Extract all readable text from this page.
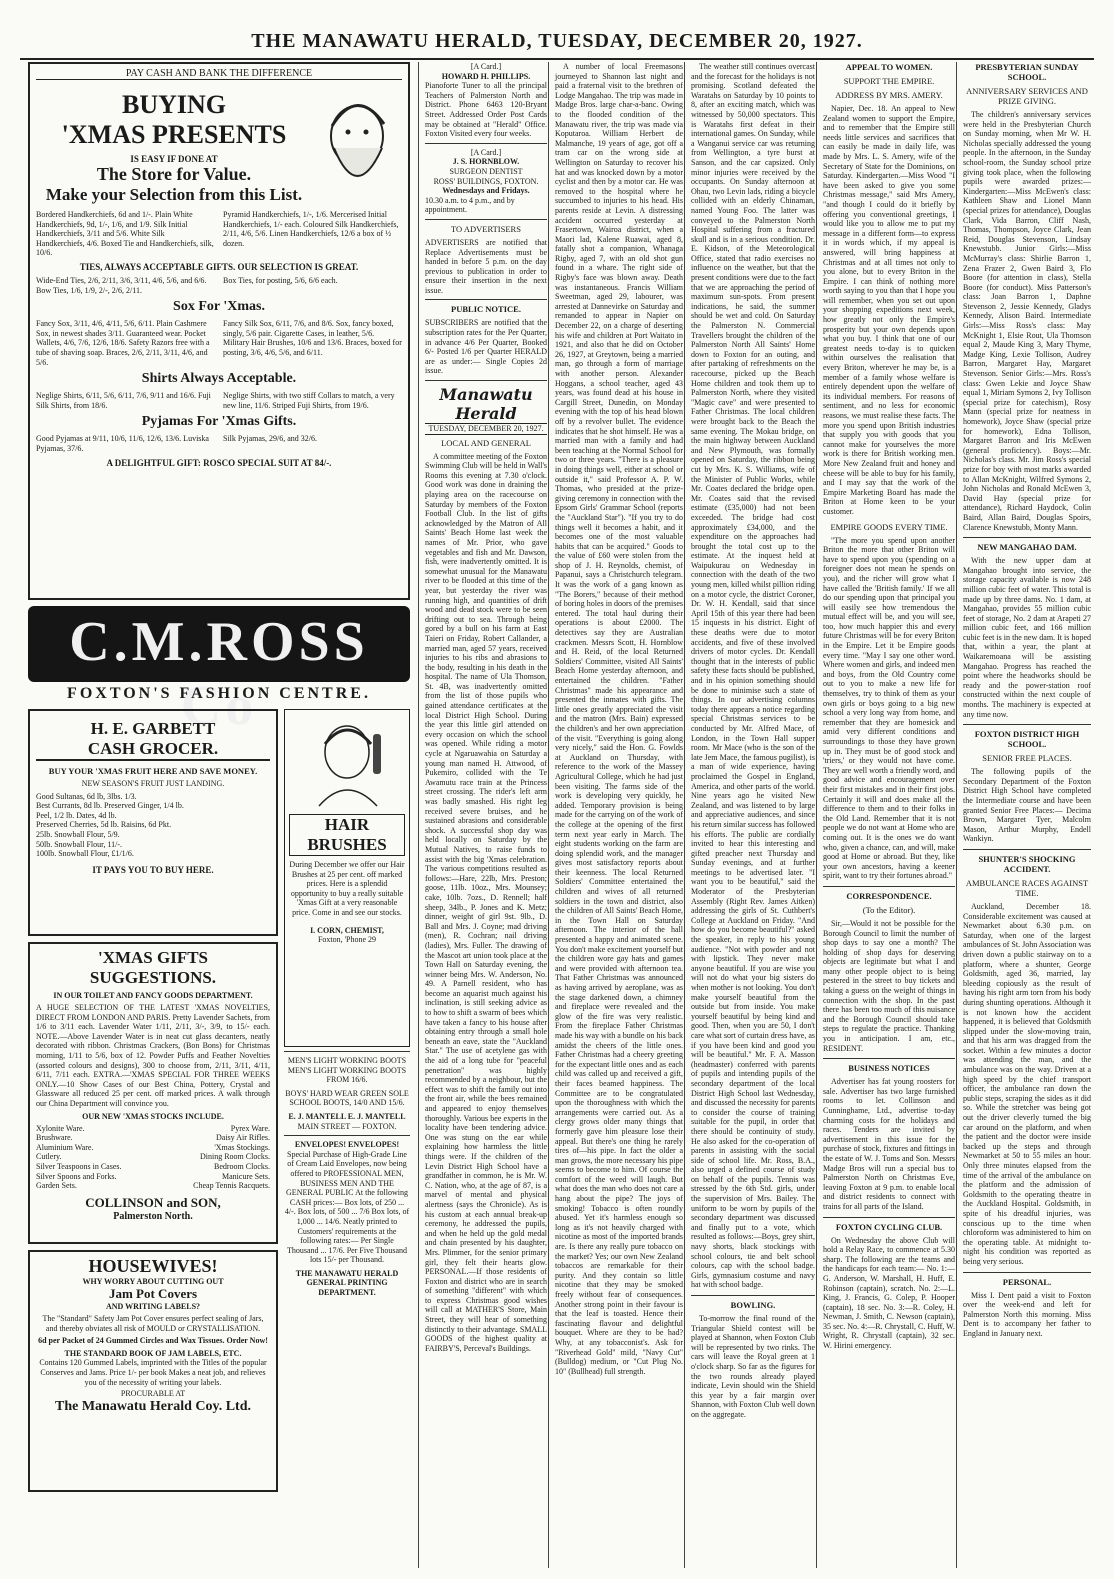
THE MANAWATU HERALD, TUESDAY, DECEMBER 20, 1927.
PAY CASH AND BANK THE DIFFERENCE
BUYING
'XMAS PRESENTS
IS EASY IF DONE AT
The Store for Value.
Make your Selection from this List.
Bordered Handkerchiefs, 6d and 1/-. Plain White Handkerchiefs, 9d, 1/-, 1/6, and 1/9. Silk Initial Handkerchiefs, 3/11 and 5/6. White Silk Handkerchiefs, 4/6. Boxed Tie and Handkerchiefs, silk, 10/6.
Pyramid Handkerchiefs, 1/-, 1/6. Mercerised Initial Handkerchiefs, 1/- each. Coloured Silk Handkerchiefs, 2/11, 4/6, 5/6. Linen Handkerchiefs, 12/6 a box of ½ dozen.
TIES, ALWAYS ACCEPTABLE GIFTS. OUR SELECTION IS GREAT.
Wide-End Ties, 2/6, 2/11, 3/6, 3/11, 4/6, 5/6, and 6/6. Bow Ties, 1/6, 1/9, 2/-, 2/6, 2/11.
Box Ties, for posting, 5/6, 6/6 each.
Sox For 'Xmas.
Fancy Sox, 3/11, 4/6, 4/11, 5/6, 6/11. Plain Cashmere Sox, in newest shades 3/11. Guaranteed wear. Pocket Wallets, 4/6, 7/6, 12/6, 18/6. Safety Razors free with a tube of shaving soap. Braces, 2/6, 2/11, 3/11, 4/6, and 5/6.
Fancy Silk Sox, 6/11, 7/6, and 8/6. Sox, fancy boxed, singly, 5/6 pair. Cigarette Cases, in leather, 5/6. Military Hair Brushes, 10/6 and 13/6. Braces, boxed for posting, 3/6, 4/6, 5/6, and 6/11.
Shirts Always Acceptable.
Neglige Shirts, 6/11, 5/6, 6/11, 7/6, 9/11 and 16/6. Fuji Silk Shirts, from 18/6.
Neglige Shirts, with two stiff Collars to match, a very new line, 11/6. Striped Fuji Shirts, from 19/6.
Pyjamas For 'Xmas Gifts.
Good Pyjamas at 9/11, 10/6, 11/6, 12/6, 13/6. Luviska Pyjamas, 37/6.
Silk Pyjamas, 29/6, and 32/6.
A DELIGHTFUL GIFT: ROSCO SPECIAL SUIT AT 84/-.
C.M.ROSS Co
FOXTON'S FASHION CENTRE.
H. E. GARBETT
CASH GROCER.
BUY YOUR 'XMAS FRUIT HERE AND SAVE MONEY.
NEW SEASON'S FRUIT JUST LANDING.
Good Sultanas, 6d lb, 3lbs. 1/3.
Best Currants, 8d lb. Preserved Ginger, 1/4 lb.
Peel, 1/2 lb. Dates, 4d lb.
Preserved Cherries, 5d lb. Raisins, 6d Pkt.
25lb. Snowball Flour, 5/9.
50lb. Snowball Flour, 11/-.
100lb. Snowball Flour, £1/1/6.
IT PAYS YOU TO BUY HERE.
'XMAS GIFTS
SUGGESTIONS.
IN OUR TOILET AND FANCY GOODS DEPARTMENT.
A HUGE SELECTION OF THE LATEST 'XMAS NOVELTIES, DIRECT FROM LONDON AND PARIS. Pretty Lavender Sachets, from 1/6 to 3/11 each. Lavender Water 1/11, 2/11, 3/-, 3/9, to 15/- each. NOTE.—Above Lavender Water is in neat cut glass decanters, neatly decorated with ribbon. Christmas Crackers, (Bon Bons) for Christmas morning, 1/11 to 5/6, box of 12. Powder Puffs and Feather Novelties (assorted colours and designs), 300 to choose from, 2/11, 3/11, 4/11, 6/11, 7/11 each. EXTRA.—'XMAS SPECIAL FOR THREE WEEKS ONLY.—10 Show Cases of our Best China, Pottery, Crystal and Glassware all reduced 25 per cent. off marked prices. A walk through our China Department will convince you.
OUR NEW 'XMAS STOCKS INCLUDE.
Xylonite Ware.
Brushware.
Aluminium Ware.
Cutlery.
Silver Teaspoons in Cases.
Silver Spoons and Forks.
Garden Sets.
Pyrex Ware.
Daisy Air Rifles.
'Xmas Stockings.
Dining Room Clocks.
Bedroom Clocks.
Manicure Sets.
Cheap Tennis Racquets.
COLLINSON and SON,
Palmerston North.
HOUSEWIVES!
WHY WORRY ABOUT CUTTING OUT
Jam Pot Covers
AND WRITING LABELS?
The "Standard" Safety Jam Pot Cover ensures perfect sealing of Jars, and thereby obviates all risk of MOULD or CRYSTALLISATION.
6d per Packet of 24 Gummed Circles and Wax Tissues. Order Now!
THE STANDARD BOOK OF JAM LABELS, ETC.
Contains 120 Gummed Labels, imprinted with the Titles of the popular Conserves and Jams. Price 1/- per book Makes a neat job, and relieves you of the necessity of writing your labels.
PROCURABLE AT
The Manawatu Herald Coy. Ltd.
HAIR BRUSHES
During December we offer our Hair Brushes at 25 per cent. off marked prices. Here is a splendid opportunity to buy a really suitable 'Xmas Gift at a very reasonable price. Come in and see our stocks.
I. CORN, CHEMIST,
Foxton, 'Phone 29
MEN'S LIGHT WORKING BOOTS MEN'S LIGHT WORKING BOOTS FROM 16/6.
BOYS' HARD WEAR GREEN SOLE SCHOOL BOOTS, 14/0 AND 15/6.
E. J. MANTELL E. J. MANTELL
MAIN STREET — FOXTON.
ENVELOPES! ENVELOPES!
Special Purchase of High-Grade Line of Cream Laid Envelopes, now being offered to PROFESSIONAL MEN, BUSINESS MEN AND THE GENERAL PUBLIC At the following CASH prices:— Box lots, of 250 ... 4/-. Box lots, of 500 ... 7/6 Box lots, of 1,000 ... 14/6. Neatly printed to Customers' requirements at the following rates:— Per Single Thousand ... 17/6. Per Five Thousand lots 15/- per Thousand.
THE MANAWATU HERALD GENERAL PRINTING DEPARTMENT.
[A Card.]
HOWARD H. PHILLIPS.
Pianoforte Tuner to all the principal Teachers of Palmerston North and District. Phone 6463 120-Bryant Street. Addressed Order Post Cards may be obtained at "Herald" Office. Foxton Visited every four weeks.
[A Card.]
J. S. HORNBLOW.
SURGEON DENTIST
ROSS' BUILDINGS, FOXTON.
Wednesdays and Fridays.
10.30 a.m. to 4 p.m., and by appointment.
TO ADVERTISERS
ADVERTISERS are notified that Replace Advertisements must be handed in before 5 p.m. on the day previous to publication in order to ensure their insertion in the next issue.
PUBLIC NOTICE.
SUBSCRIBERS are notified that the subscription rates for the Per Quarter, in advance 4/6 Per Quarter, Booked 6/- Posted 1/6 per Quarter HERALD are as under:— Single Copies 2d issue.
Manawatu Herald
TUESDAY, DECEMBER 20, 1927.
LOCAL AND GENERAL
A committee meeting of the Foxton Swimming Club will be held in Wall's Rooms this evening at 7.30 o'clock. Good work was done in draining the playing area on the racecourse on Saturday by members of the Foxton Football Club. In the list of gifts acknowledged by the Matron of All Saints' Beach Home last week the names of Mr. Prior, who gave vegetables and fish and Mr. Dawson, fish, were inadvertently omitted. It is somewhat unusual for the Manawatu river to be flooded at this time of the year, but yesterday the river was running high, and quantities of drift wood and dead stock were to be seen drifting out to sea. Through being gored by a bull on his farm at East Taieri on Friday, Robert Callander, a married man, aged 57 years, received injuries to his ribs and abrasions to the body, resulting in his death in the hospital. The name of Ula Thomson, St. 4B, was inadvertently omitted from the list of those pupils who gained attendance certificates at the local District High School. During the year this little girl attended on every occasion on which the school was opened. While riding a motor cycle at Ngaruawahia on Saturday a young man named H. Attwood, of Pukemiro, collided with the Te Awamutu race train at the Princess street crossing. The rider's left arm was badly smashed. His right leg received severe bruises, and he sustained abrasions and considerable shock. A successful shop day was held locally on Saturday by the Mutual Natives, to raise funds to assist with the big 'Xmas celebration. The various competitions resulted as follows:—Hare, 22lb, Mrs. Preston; goose, 11lb. 10oz., Mrs. Mounsey; cake, 10lb. 7ozs., D. Rennell; half sheep, 34lb., P. Jones and K. Metz; dinner, weight of girl 9st. 9lb., D. Ball and Mrs. J. Coyne; mad driving (men), R. Cochran; nail driving (ladies), Mrs. Fuller. The drawing of the Mascot art union took place at the Town Hall on Saturday evening, the winner being Mrs. W. Anderson, No. 49. A Parnell resident, who has become an aquarist much against his inclination, is still seeking advice as to how to shift a swarm of bees which have taken a fancy to his house after obtaining entry through a small hole beneath an eave, state the "Auckland Star." The use of acetylene gas with the aid of a long tube for "peaceful penetration" was highly recommended by a neighbour, but the effect was to shift the family out into the front air, while the bees remained and appeared to enjoy themselves thoroughly. Various bee experts in the locality have been tendering advice. One was stung on the ear while explaining how harmless the little things were. If the children of the Levin District High School have a grandfather in common, he is Mr. W. C. Nation, who, at the age of 87, is a marvel of mental and physical alertness (says the Chronicle). As is his custom at each annual break-up ceremony, he addressed the pupils, and when he held up the gold medal and chain presented by his daughter, Mrs. Plimmer, for the senior primary girl, they felt their hearts glow. PERSONAL.—If those residents of Foxton and district who are in search of something "different" with which to express Christmas good wishes will call at MATHER'S Store, Main Street, they will hear of something distinctly to their advantage. SMALL GOODS of the highest quality at FAIRBY'S, Perceval's Buildings.
A number of local Freemasons journeyed to Shannon last night and paid a fraternal visit to the brethren of Lodge Mangahao. The trip was made in Madge Bros. large char-a-banc. Owing to the flooded condition of the Manawatu river, the trip was made via Koputaroa. William Herbert de Malmanche, 19 years of age, got off a tram car on the wrong side at Wellington on Saturday to recover his hat and was knocked down by a motor cyclist and then by a motor car. He was removed to the hospital where he succumbed to injuries to his head. His parents reside at Levin. A distressing accident occurred yesterday at Frasertown, Wairoa district, when a Maori lad, Kalene Ruawai, aged 8, fatally shot a companion, Whanaga Rigby, aged 7, with an old shot gun found in a whare. The right side of Rigby's face was blown away. Death was instantaneous. Francis William Sweetman, aged 29, labourer, was arrested at Dannevirke on Saturday and remanded to appear in Napier on December 22, on a charge of deserting his wife and children at Port Waitato in 1921, and also that he did on October 26, 1927, at Greytown, being a married man, go through a form of marriage with another person. Alexander Hoggans, a school teacher, aged 43 years, was found dead at his house in Cargill Street, Dunedin, on Monday evening with the top of his head blown off by a revolver bullet. The evidence indicates that he shot himself. He was a married man with a family and had been teaching at the Normal School for two or three years. "There is a pleasure in doing things well, either at school or outside it," said Professor A. P. W. Thomas, who presided at the prize-giving ceremony in connection with the Epsom Girls' Grammar School (reports the "Auckland Star"). "If you try to do things well it becomes a habit, and it becomes one of the most valuable habits that can be acquired." Goods to the value of £60 were stolen from the shop of J. H. Reynolds, chemist, of Papanui, says a Christchurch telegram. It was the work of a gang known as "The Borers," because of their method of boring holes in doors of the premises entered. The total haul during their operations is about £2000. The detectives say they are Australian crackmen. Messrs Scott, H. Hornblow and H. Reid, of the local Returned Soldiers' Committee, visited All Saints' Beach Home yesterday afternoon, and entertained the children. "Father Christmas" made his appearance and presented the inmates with gifts. The little ones greatly appreciated the visit and the matron (Mrs. Bain) expressed the children's and her own appreciation of the visit. "Everything is going along very nicely," said the Hon. G. Fowlds at Auckland on Thursday, with reference to the work of the Massey Agricultural College, which he had just been visiting. The farms side of the work is developing very quickly, he added. Temporary provision is being made for the carrying on of the work of the college at the opening of the first term next year early in March. The eight students working on the farm are doing splendid work, and the manager gives most satisfactory reports about their keenness. The local Returned Soldiers' Committee entertained the children and wives of all returned soldiers in the town and district, also the children of All Saints' Beach Home, in the Town Hall on Saturday afternoon. The interior of the hall presented a happy and animated scene. You don't make excitement yourself but the children wore gay hats and games and were provided with afternoon tea. That Father Christmas was announced as having arrived by aeroplane, was as the stage darkened down, a chimney and fireplace were revealed and the glow of the fire was very realistic. From the fireplace Father Christmas made his way with a bundle on his back amidst the cheers of the little ones. Father Christmas had a cheery greeting for the expectant little ones and as each child was called up and received a gift, their faces beamed happiness. The Committee are to be congratulated upon the thoroughness with which the arrangements were carried out. As a clergy grows older many things that formerly gave him pleasure lose their appeal. But there's one thing he rarely tires of—his pipe. In fact the older a man grows, the more necessary his pipe seems to become to him. Of course the comfort of the weed will laugh. But what does the man who does not care a hang about the pipe? The joys of smoking! Tobacco is often roundly abused. Yet it's harmless enough so long as it's not heavily charged with nicotine as most of the imported brands are. Is there any really pure tobacco on the market? Yes; our own New Zealand tobaccos are remarkable for their purity. And they contain so little nicotine that they may be smoked freely without fear of consequences. Another strong point in their favour is that the leaf is toasted. Hence their fascinating flavour and delightful bouquet. Where are they to be had? Why, at any tobacconist's. Ask for "Riverhead Gold" mild, "Navy Cut" (Bulldog) medium, or "Cut Plug No. 10" (Bullhead) full strength.
The weather still continues overcast and the forecast for the holidays is not promising. Scotland defeated the Waratahs on Saturday by 10 points to 8, after an exciting match, which was witnessed by 50,000 spectators. This is Waratahs first defeat in their international games. On Sunday, while a Wanganui service car was returning from Wellington, a tyre burst at Sanson, and the car capsized. Only minor injuries were received by the occupants. On Sunday afternoon at Ohau, two Levin lads, riding a bicycle collided with an elderly Chinaman, named Young Foo. The latter was conveyed to the Palmerston North Hospital suffering from a fractured skull and is in a serious condition. Dr. E. Kidson, of the Meteorological Office, stated that radio exercises no influence on the weather, but that the present conditions were due to the fact that we are approaching the period of maximum sun-spots. From present indications, he said, the summer should be wet and cold. On Saturday the Palmerston N. Commercial Travellers brought the children of the Palmerston North All Saints' Home down to Foxton for an outing, and after partaking of refreshments on the racecourse, picked up the Beach Home children and took them up to Palmerston North, where they visited "Magic cave" and were presented to Father Christmas. The local children were brought back to the Beach the same evening. The Mokau bridge, on the main highway between Auckland and New Plymouth, was formally opened on Saturday, the ribbon being cut by Mrs. K. S. Williams, wife of the Minister of Public Works, while Mr. Coates declared the bridge open. Mr. Coates said that the revised estimate (£35,000) had not been exceeded. The bridge had cost approximately £34,000, and the expenditure on the approaches had brought the total cost up to the estimate. At the inquest held at Waipukurau on Wednesday in connection with the death of the two young men, killed whilst pillion riding on a motor cycle, the district Coroner, Dr. W. H. Kendall, said that since April 15th of this year there had been 15 inquests in his district. Eight of these deaths were due to motor accidents, and five of these involved drivers of motor cycles. Dr. Kendall thought that in the interests of public safety these facts should be published, and in his opinion something should be done to minimise such a state of things. In our advertising columns today there appears a notice regarding special Christmas services to be conducted by Mr. Alfred Mace, of London, in the Town Hall supper room. Mr Mace (who is the son of the late Jem Mace, the famous pugilist), is a man of wide experience, having proclaimed the Gospel in England, America, and other parts of the world. Nine years ago he visited New Zealand, and was listened to by large and appreciative audiences, and since his return similar success has followed his efforts. The public are cordially invited to hear this interesting and gifted preacher next Thursday and Sunday evenings, and at further meetings to be advertised later. "I want you to be beautiful," said the Moderator of the Presbyterian Assembly (Right Rev. James Aitken) addressing the girls of St. Cuthbert's College at Auckland on Friday. "And how do you become beautiful?" asked the speaker, in reply to his young audience. "Not with powder and not with lipstick. They never make anyone beautiful. If you are wise you will not do what your big sisters do when mother is not looking. You don't make yourself beautiful from the outside but from inside. You make yourself beautiful by being kind and good. Then, when you are 50, I don't care what sort of curtain dress have, as if you have been kind and good you will be beautiful." Mr. F. A. Masson (headmaster) conferred with parents of pupils and intending pupils of the secondary department of the local District High School last Wednesday, and discussed the necessity for parents to consider the course of training suitable for the pupil, in order that there should be continuity of study. He also asked for the co-operation of parents in assisting with the social side of school life. Mr. Ross, B.A., also urged a defined course of study on behalf of the pupils. Tennis was stressed by the 6th Std. girls, under the supervision of Mrs. Bailey. The uniform to be worn by pupils of the secondary department was discussed and finally put to a vote, which resulted as follows:—Boys, grey shirt, navy shorts, black stockings with school colours, tie and belt school colours, cap with the school badge. Girls, gymnasium costume and navy hat with school badge.
BOWLING.
To-morrow the final round of the Triangular Shield contest will be played at Shannon, when Foxton Club will be represented by two rinks. The cars will leave the Royal green at 1 o'clock sharp. So far as the figures for the two rounds already played indicate, Levin should win the Shield this year by a fair margin over Shannon, with Foxton Club well down on the aggregate.
APPEAL TO WOMEN.
SUPPORT THE EMPIRE.
ADDRESS BY MRS. AMERY.
Napier, Dec. 18. An appeal to New Zealand women to support the Empire, and to remember that the Empire still needs little services and sacrifices that can easily be made in daily life, was made by Mrs. L. S. Amery, wife of the Secretary of State for the Dominions, on Saturday. Kindergarten.—Miss Wood "I have been asked to give you some Christmas message," said Mrs Amery, "and though I could do it briefly by offering you conventional greetings, I would like you to allow me to put my message in a different form—to express it in words which, if my appeal is answered, will bring happiness at Christmas and at all times not only to you alone, but to every Briton in the Empire. I can think of nothing more worth saying to you than that I hope you will remember, when you set out upon your shopping expeditions next week, how greatly not only the Empire's prosperity but your own depends upon what you buy. I think that one of our greatest needs to-day is to quicken within ourselves the realisation that every Briton, wherever he may be, is a member of a family whose welfare is entirely dependent upon the welfare of its individual members. For reasons of sentiment, and no less for economic reasons, we must realise these facts. The more you spend upon British industries that supply you with goods that you cannot make for yourselves the more work is there for British working men. More New Zealand fruit and honey and cheese will be able to buy for his family, and I may say that the work of the Empire Marketing Board has made the Briton at Home keen to be your customer.
EMPIRE GOODS EVERY TIME.
"The more you spend upon another Briton the more that other Briton will have to spend upon you (spending on a foreigner does not mean he spends on you), and the richer will grow what I have called the 'British family.' If we all do our spending upon that principal you will easily see how tremendous the mutual effect will be, and you will see, too, how much happier this and every future Christmas will be for every Briton in the Empire. Let it be Empire goods every time. "May I say one other word. Where women and girls, and indeed men and boys, from the Old Country come out to you to make a new life for themselves, try to think of them as your own girls or boys going to a big new school a very long way from home, and remember that they are homesick and amid very different conditions and surroundings to those they have grown up in. They must be of good stock and 'triers,' or they would not have come. They are well worth a friendly word, and good advice and encouragement over their first mistakes and in their first jobs. Certainly it will and does make all the difference to them and to their folks in the Old Land. Remember that it is not people we do not want at Home who are coming out. It is the ones we do want who, given a chance, can, and will, make good at Home or abroad. But they, like your own ancestors, having a keener spirit, want to try their fortunes abroad."
CORRESPONDENCE.
(To the Editor).
Sir,—Would it not be possible for the Borough Council to limit the number of shop days to say one a month? The holding of shop days for deserving objects are legitimate but what I and many other people object to is being pestered in the street to buy tickets and taking a guess on the weight of things in connection with the shop. In the past there has been too much of this nuisance and the Borough Council should take steps to regulate the practice. Thanking you in anticipation. I am, etc., RESIDENT.
BUSINESS NOTICES
Advertiser has fat young roosters for sale. Advertiser has two large furnished rooms to let. Collinson and Cunninghame, Ltd., advertise to-day charming costs for the holidays and races. Tenders are invited by advertisement in this issue for the purchase of stock, fixtures and fittings in the estate of W. J. Toms and Son. Messrs Madge Bros will run a special bus to Palmerston North on Christmas Eve, leaving Foxton at 9 p.m. to enable local and district residents to connect with trains for all parts of the Island.
FOXTON CYCLING CLUB.
On Wednesday the above Club will hold a Relay Race, to commence at 5.30 sharp. The following are the teams and the handicaps for each team:— No. 1:—G. Anderson, W. Marshall, H. Huff, E. Robinson (captain), scratch. No. 2:—L. King, J. Francis, G. Colep, P. Hooper (captain), 18 sec. No. 3:—R. Coley, H. Newman, J. Smith, C. Newson (captain), 35 sec. No. 4:—R. Chrystall, C. Huff, W. Wright, R. Chrystall (captain), 32 sec. W. Hirini emergency.
PRESBYTERIAN SUNDAY SCHOOL.
ANNIVERSARY SERVICES AND PRIZE GIVING.
The children's anniversary services were held in the Presbyterian Church on Sunday morning, when Mr W. H. Nicholas specially addressed the young people. In the afternoon, in the Sunday school-room, the Sunday school prize giving took place, when the following pupils were awarded prizes:— Kindergarten:—Miss McEwen's class: Kathleen Shaw and Lionel Mann (special prizes for attendance), Douglas Clark, Vida Barron, Cliff Nash, Thomas, Thompson, Joyce Clark, Jean Reid, Douglas Stevenson, Lindsay Knewstubb. Junior Girls:—Miss McMurray's class: Shirlie Barron 1, Zena Frazer 2, Gwen Baird 3, Flo Boore (for attention in class), Stella Boore (for conduct). Miss Patterson's class: Joan Barron 1, Daphne Stevenson 2, Jessie Kennedy, Gladys Kennedy, Alison Baird. Intermediate Girls:—Miss Ross's class: May McKnight 1, Elsie Rout, Ula Thomson equal 2, Maude King 3, Mary Thyme, Madge King, Lexie Tollison, Audrey Barron, Margaret Hay, Margaret Stevenson. Senior Girls:—Mrs. Ross's class: Gwen Lekie and Joyce Shaw equal 1, Miriam Symons 2, Ivy Tollison (special prize for catechism), Rosy Mann (special prize for neatness in homework), Joyce Shaw (special prize for homework), Edna Tollison, Margaret Barron and Iris McEwen (general proficiency). Boys:—Mr. Nicholas's class. Mr. Jim Ross's special prize for boy with most marks awarded to Allan McKnight, Wilfred Symons 2, John Nicholas and Ronald McEwen 3, David Hay (special prize for attendance), Richard Haydock, Colin Baird, Allan Baird, Douglas Spoirs, Clarence Knewstubb, Monty Mann.
NEW MANGAHAO DAM.
With the new upper dam at Mangahao brought into service, the storage capacity available is now 248 million cubic feet of water. This total is made up by three dams. No. 1 dam, at Mangahao, provides 55 million cubic feet of storage, No. 2 dam at Arapeti 27 million cubic feet, and 166 million cubic feet is in the new dam. It is hoped that, within a year, the plant at Waikaremoana will be assisting Mangahao. Progress has reached the point where the headworks should be ready and the power-station roof constructed within the next couple of months. The machinery is expected at any time now.
FOXTON DISTRICT HIGH SCHOOL.
SENIOR FREE PLACES.
The following pupils of the Secondary Department of the Foxton District High School have completed the Intermediate course and have been granted Senior Free Places:— Decima Brown, Margaret Tyer, Malcolm Mason, Arthur Murphy, Endell Wankiyn.
SHUNTER'S SHOCKING ACCIDENT.
AMBULANCE RACES AGAINST TIME.
Auckland, December 18. Considerable excitement was caused at Newmarket about 6.30 p.m. on Saturday, when one of the largest ambulances of St. John Association was driven down a public stairway on to a platform, where a shunter, George Goldsmith, aged 36, married, lay bleeding copiously as the result of having his right arm torn from his body during shunting operations. Although it is not known how the accident happened, it is believed that Goldsmith slipped under the slow-moving train, and that his arm was dragged from the socket. Within a few minutes a doctor was attending the man, and the ambulance was on the way. Driven at a high speed by the chief transport officer, the ambulance ran down the public steps, scraping the sides as it did so. While the stretcher was being got out the driver cleverly turned the big car around on the platform, and when the patient and the doctor were inside backed up the steps and through Newmarket at 50 to 55 miles an hour. Only three minutes elapsed from the time of the arrival of the ambulance on the platform and the admission of Goldsmith to the operating theatre in the Auckland Hospital. Goldsmith, in spite of his dreadful injuries, was conscious up to the time when chloroform was administered to him on the operating table. At midnight to-night his condition was reported as being very serious.
PERSONAL.
Miss I. Dent paid a visit to Foxton over the week-end and left for Palmerston North this morning. Miss Dent is to accompany her father to England in January next.
